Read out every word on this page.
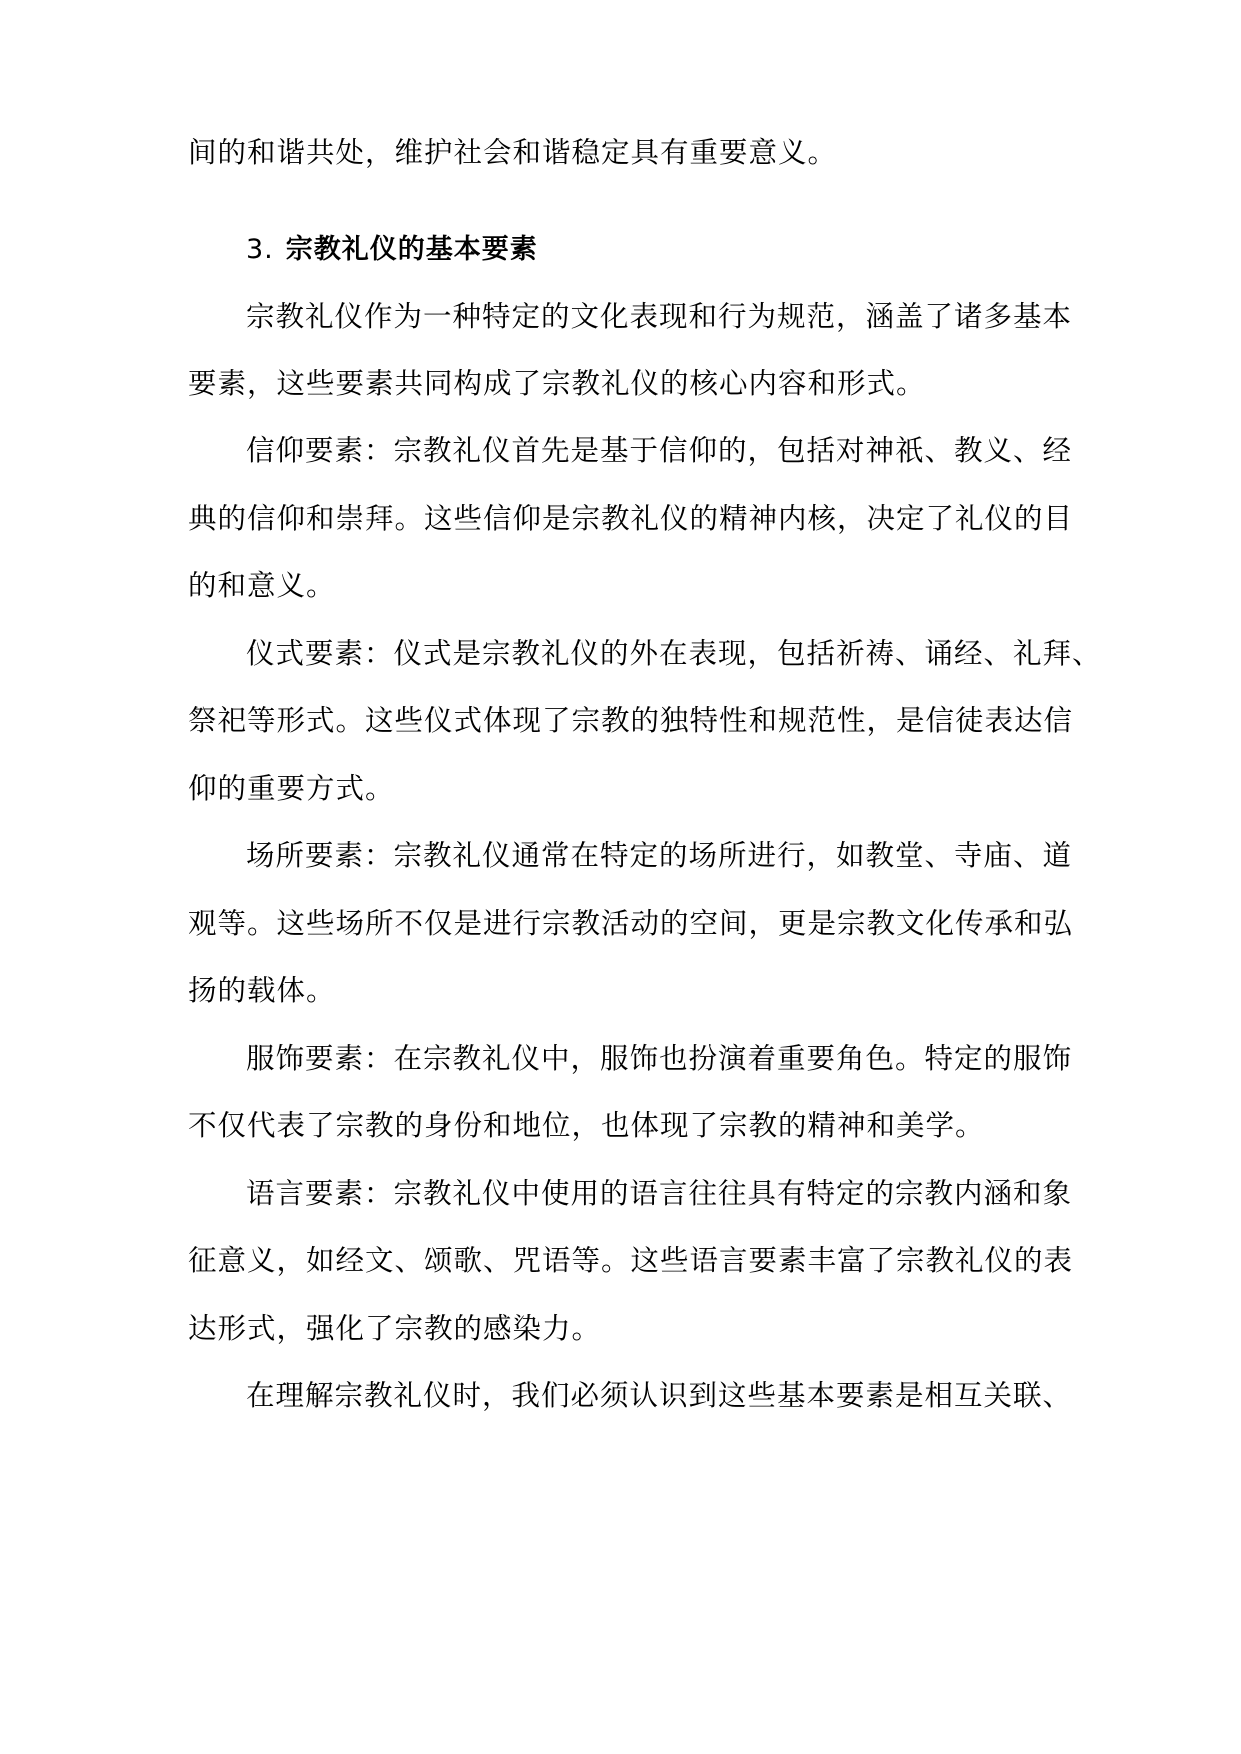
间的和谐共处，维护社会和谐稳定具有重要意义。
3. 宗教礼仪的基本要素
宗教礼仪作为一种特定的文化表现和行为规范，涵盖了诸多基本
要素，这些要素共同构成了宗教礼仪的核心内容和形式。
信仰要素：宗教礼仪首先是基于信仰的，包括对神祇、教义、经
典的信仰和崇拜。这些信仰是宗教礼仪的精神内核，决定了礼仪的目
的和意义。
仪式要素：仪式是宗教礼仪的外在表现，包括祈祷、诵经、礼拜、
祭祀等形式。这些仪式体现了宗教的独特性和规范性，是信徒表达信
仰的重要方式。
场所要素：宗教礼仪通常在特定的场所进行，如教堂、寺庙、道
观等。这些场所不仅是进行宗教活动的空间，更是宗教文化传承和弘
扬的载体。
服饰要素：在宗教礼仪中，服饰也扮演着重要角色。特定的服饰
不仅代表了宗教的身份和地位，也体现了宗教的精神和美学。
语言要素：宗教礼仪中使用的语言往往具有特定的宗教内涵和象
征意义，如经文、颂歌、咒语等。这些语言要素丰富了宗教礼仪的表
达形式，强化了宗教的感染力。
在理解宗教礼仪时，我们必须认识到这些基本要素是相互关联、
